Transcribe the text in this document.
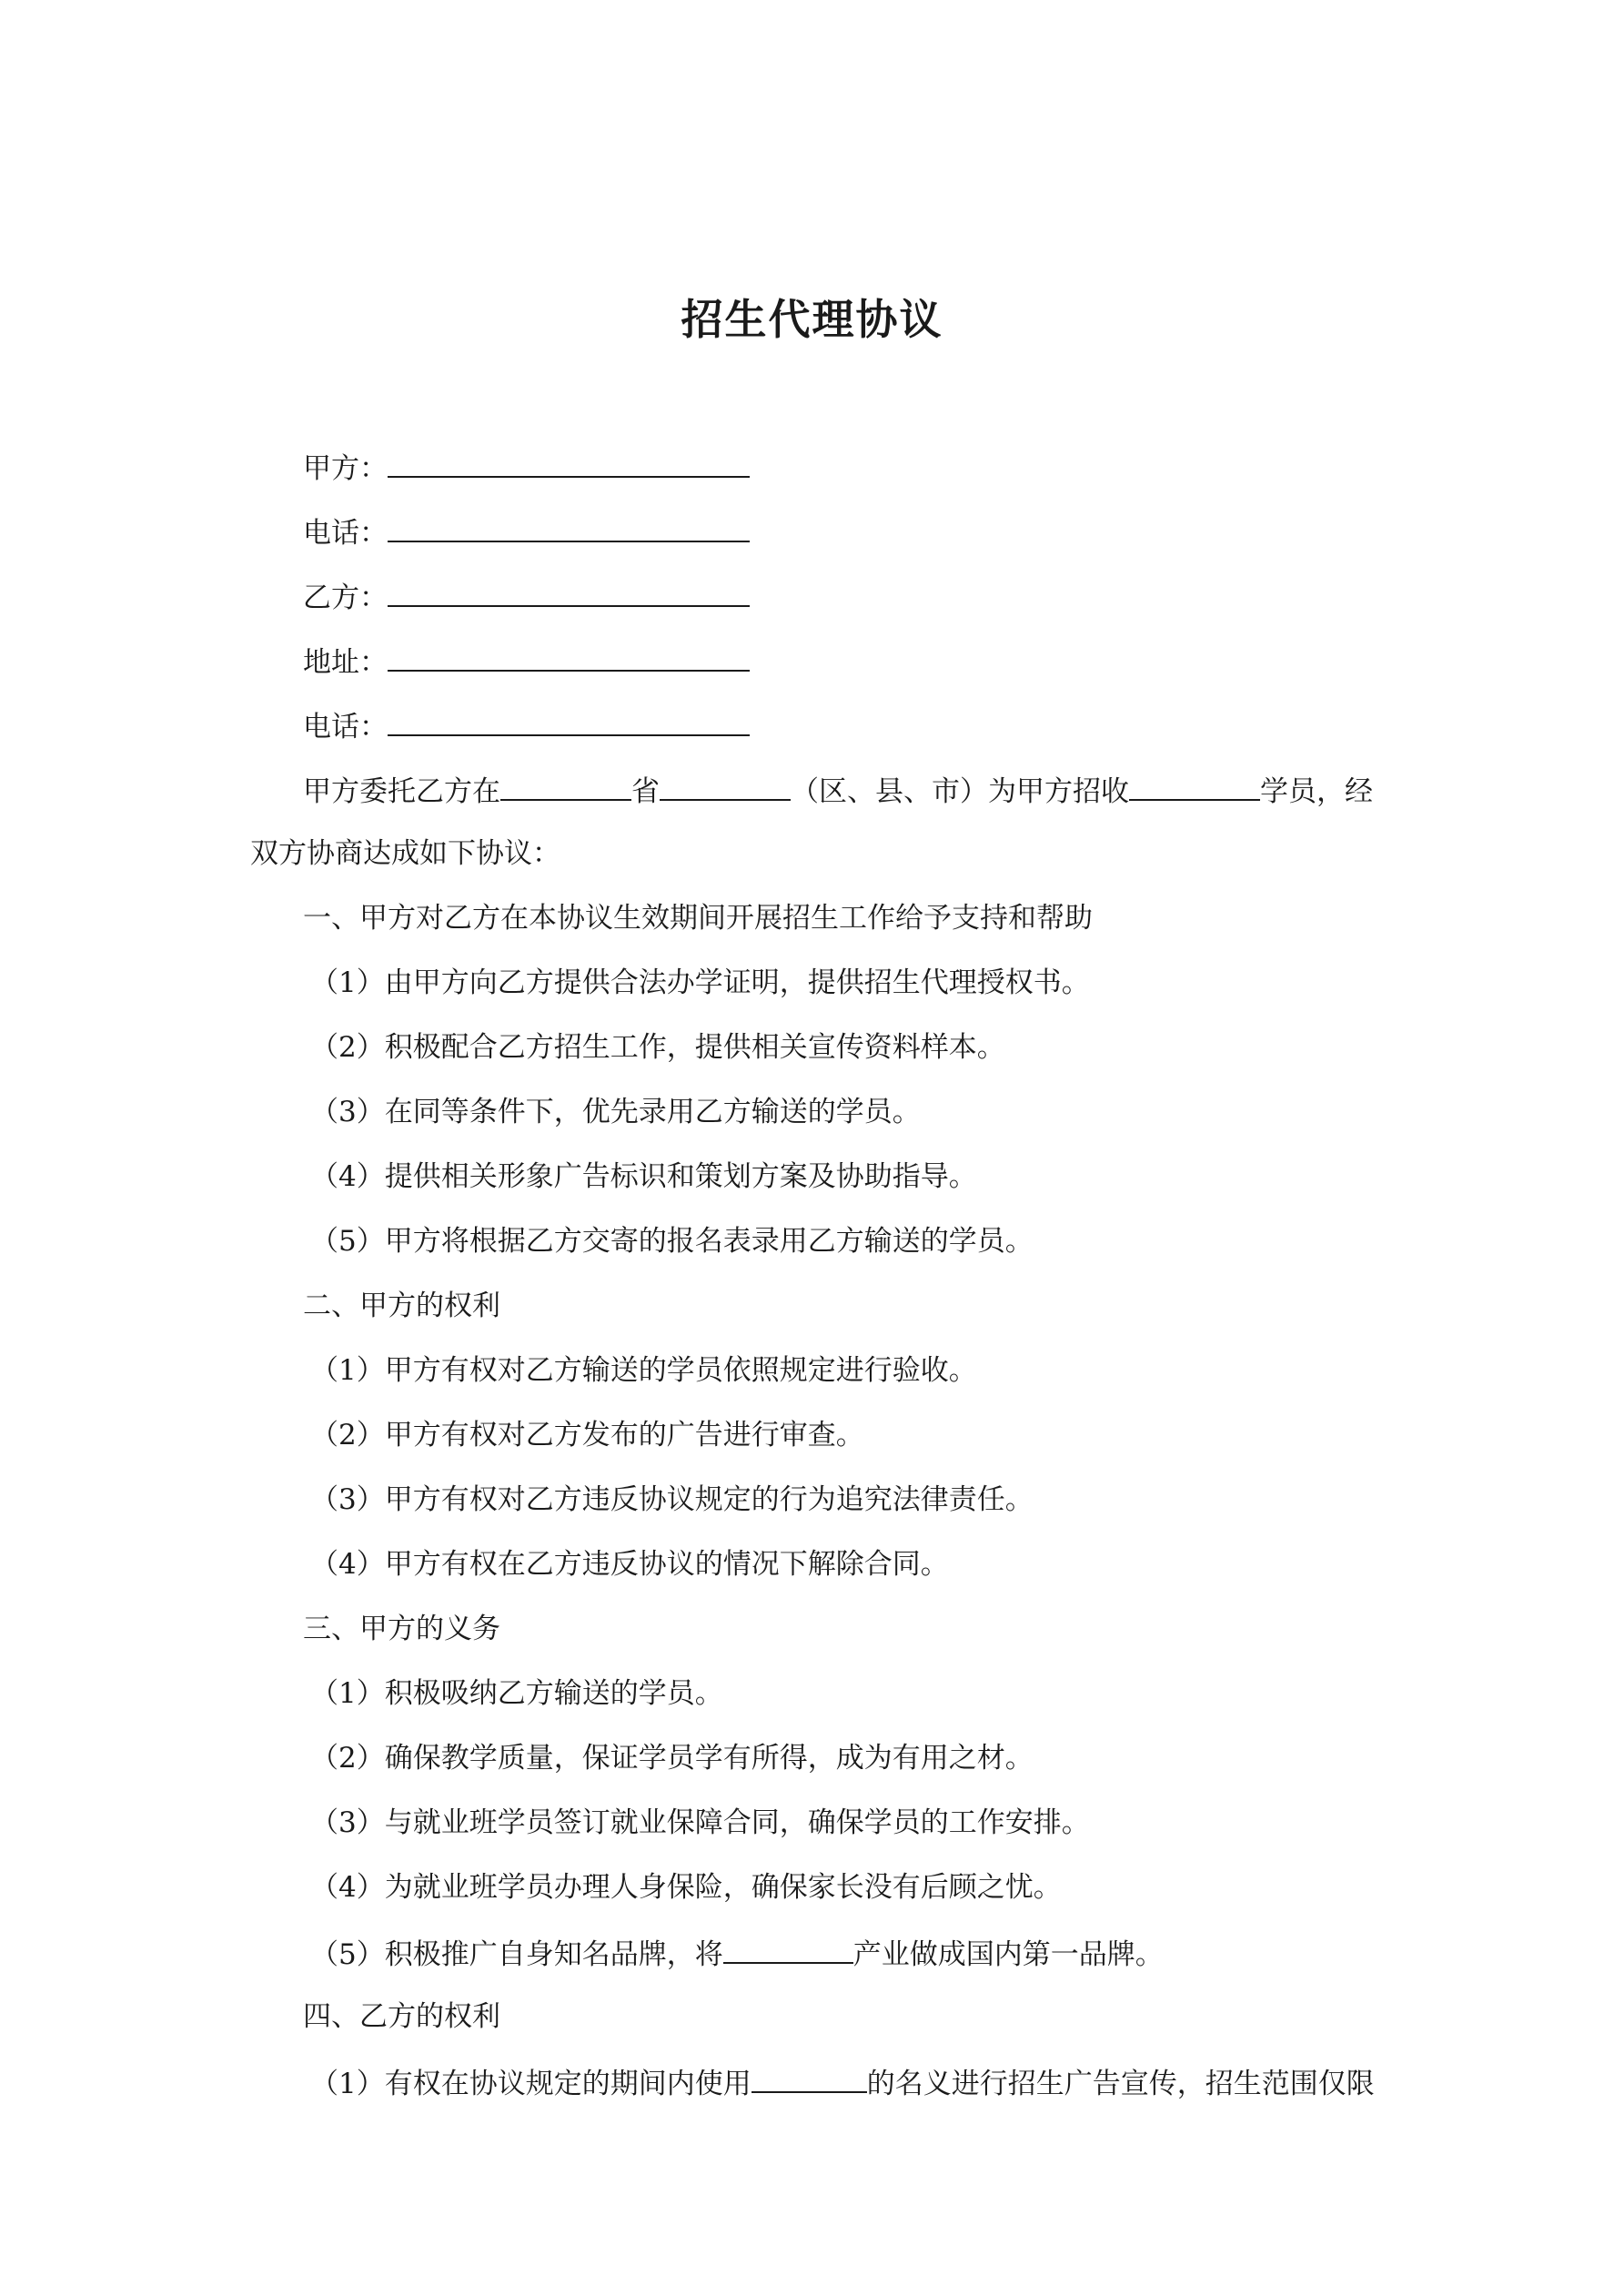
招生代理协议
甲方：
电话：
乙方：
地址：
电话：
甲方委托乙方在	省	（区、县、市）为甲方招收	学员，经
双方协商达成如下协议：
一、甲方对乙方在本协议生效期间开展招生工作给予支持和帮助
（1）由甲方向乙方提供合法办学证明，提供招生代理授权书。
（2）积极配合乙方招生工作，提供相关宣传资料样本。
（3）在同等条件下，优先录用乙方输送的学员。
（4）提供相关形象广告标识和策划方案及协助指导。
（5）甲方将根据乙方交寄的报名表录用乙方输送的学员。
二、甲方的权利
（1）甲方有权对乙方输送的学员依照规定进行验收。
（2）甲方有权对乙方发布的广告进行审查。
（3）甲方有权对乙方违反协议规定的行为追究法律责任。
（4）甲方有权在乙方违反协议的情况下解除合同。
三、甲方的义务
（1）积极吸纳乙方输送的学员。
（2）确保教学质量，保证学员学有所得，成为有用之材。
（3）与就业班学员签订就业保障合同，确保学员的工作安排。
（4）为就业班学员办理人身保险，确保家长没有后顾之忧。
（5）积极推广自身知名品牌，将	产业做成国内第一品牌。
四、乙方的权利
（1）有权在协议规定的期间内使用	的名义进行招生广告宣传，招生范围仅限
